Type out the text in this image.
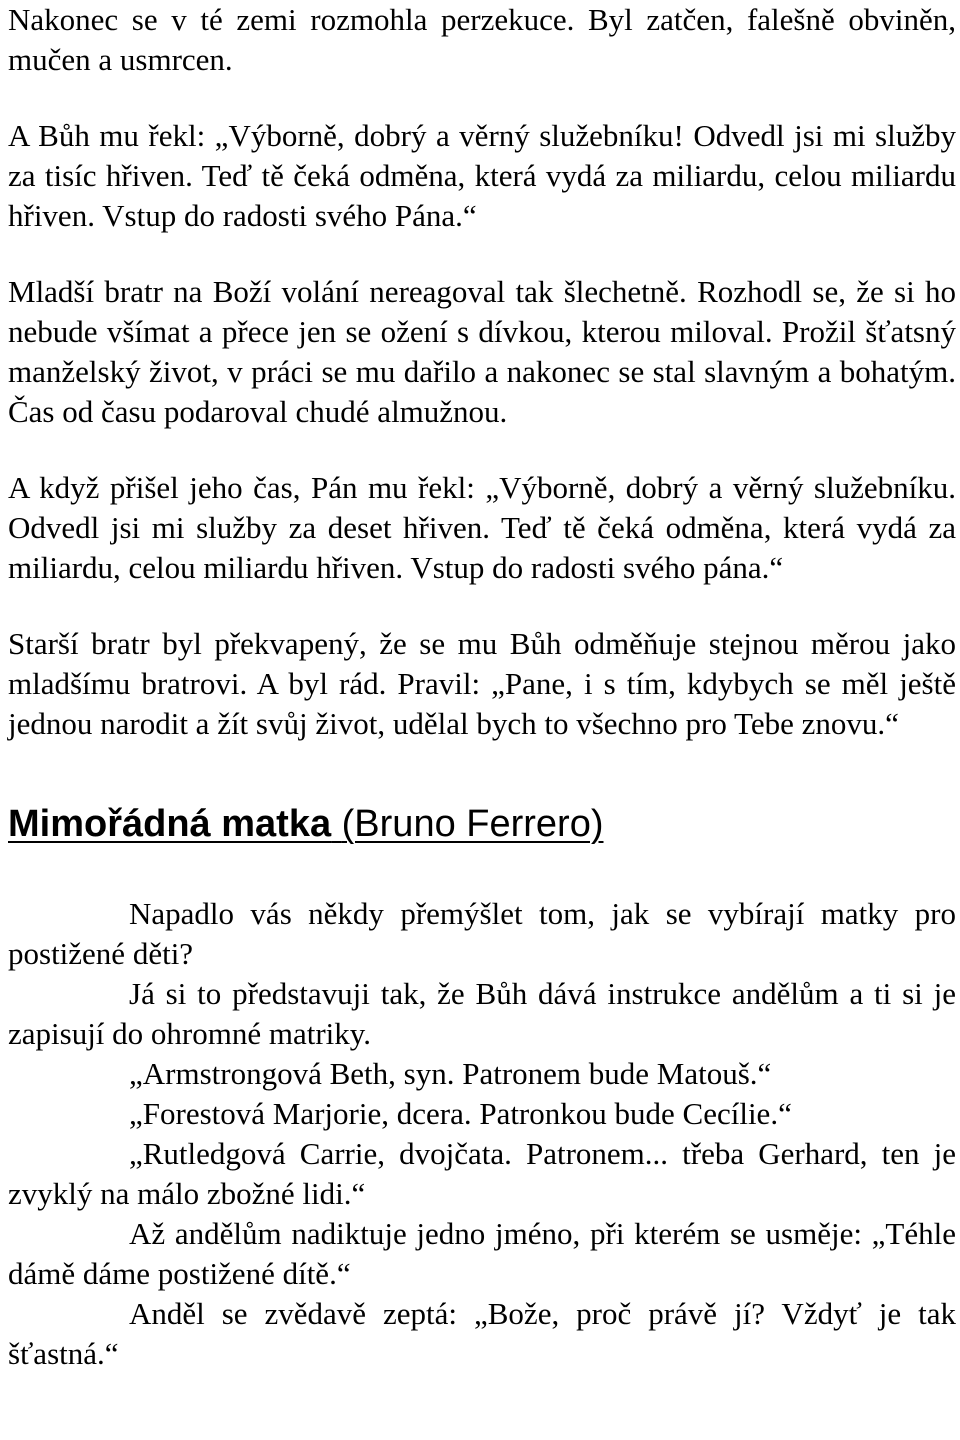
Nakonec se v té zemi rozmohla perzekuce. Byl zatčen, falešně obviněn, mučen a usmrcen.

A Bůh mu řekl: „Výborně, dobrý a věrný služebníku! Odvedl jsi mi služby za tisíc hřiven. Teď tě čeká odměna, která vydá za miliardu, celou miliardu hřiven. Vstup do radosti svého Pána.“

Mladší bratr na Boží volání nereagoval tak šlechetně. Rozhodl se, že si ho nebude všímat a přece jen se ožení s dívkou, kterou miloval. Prožil šťatsný manželský život, v práci se mu dařilo a nakonec se stal slavným a bohatým. Čas od času podaroval chudé almužnou.

A když přišel jeho čas, Pán mu řekl: „Výborně, dobrý a věrný služebníku. Odvedl jsi mi služby za deset hřiven. Teď tě čeká odměna, která vydá za miliardu, celou miliardu hřiven. Vstup do radosti svého pána.“

Starší bratr byl překvapený, že se mu Bůh odměňuje stejnou měrou jako mladšímu bratrovi. A byl rád. Pravil: „Pane, i s tím, kdybych se měl ještě jednou narodit a žít svůj život, udělal bych to všechno pro Tebe znovu.“

Mimořádná matka (Bruno Ferrero)

Napadlo vás někdy přemýšlet tom, jak se vybírají matky pro postižené děti?

Já si to představuji tak, že Bůh dává instrukce andělům a ti si je zapisují do ohromné matriky.

„Armstrongová Beth, syn. Patronem bude Matouš.“

„Forestová Marjorie, dcera. Patronkou bude Cecílie.“

„Rutledgová Carrie, dvojčata. Patronem... třeba Gerhard, ten je zvyklý na málo zbožné lidi.“

Až andělům nadiktuje jedno jméno, při kterém se usměje: „Téhle dámě dáme postižené dítě.“

Anděl se zvědavě zeptá: „Bože, proč právě jí? Vždyť je tak šťastná.“
